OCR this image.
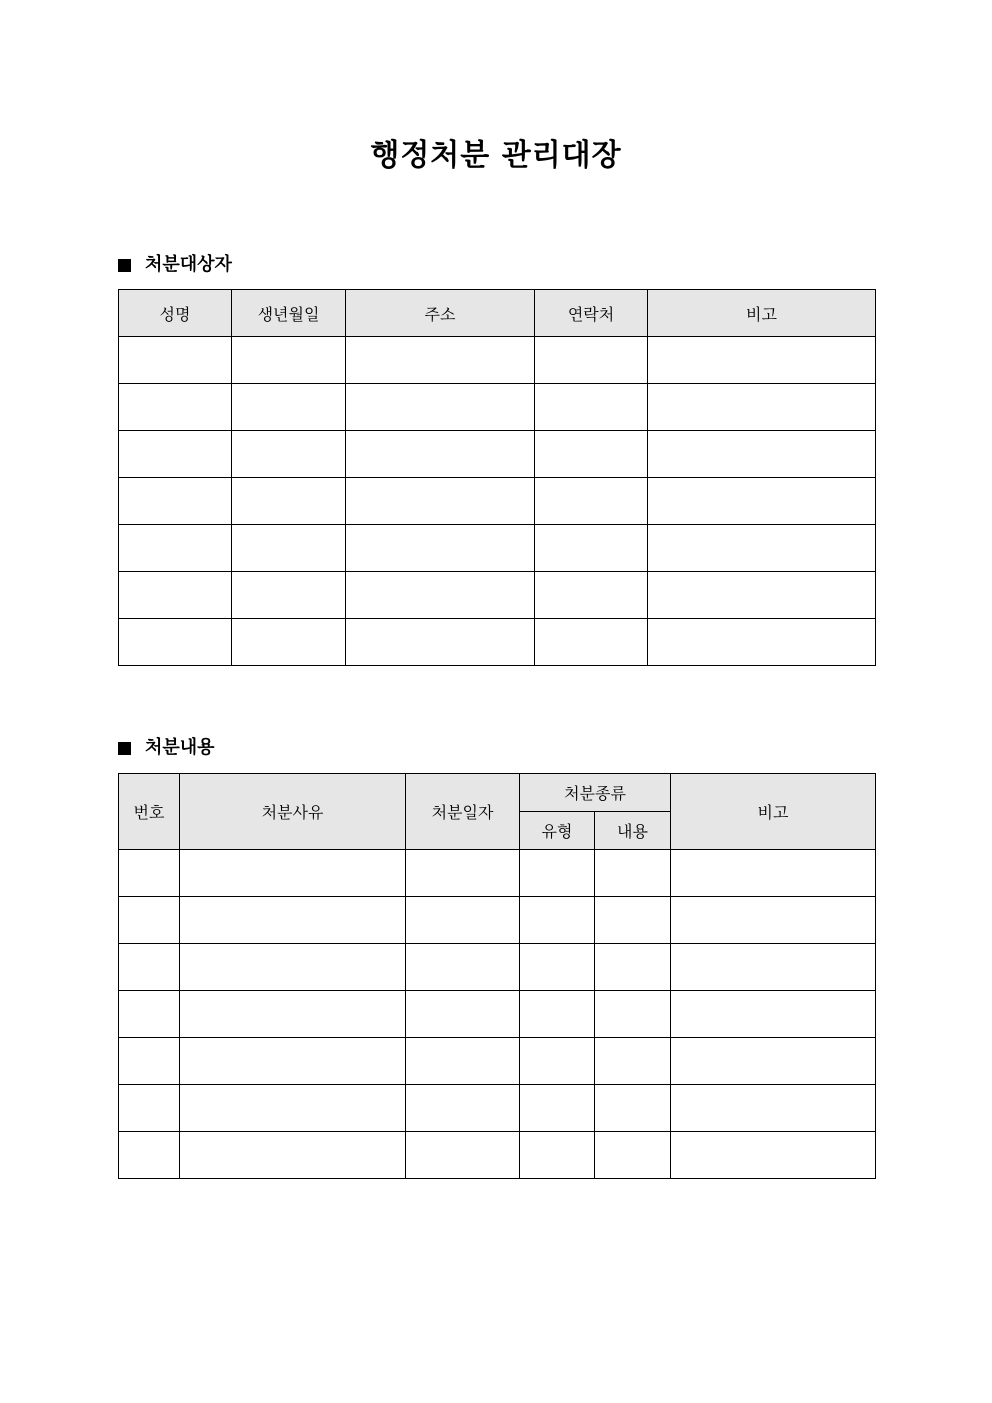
행정처분 관리대장
처분대상자
성명	생년월일	주소	연락처	비고

처분내용
번호	처분사유	처분일자	처분종류		비고
			유형	내용	
